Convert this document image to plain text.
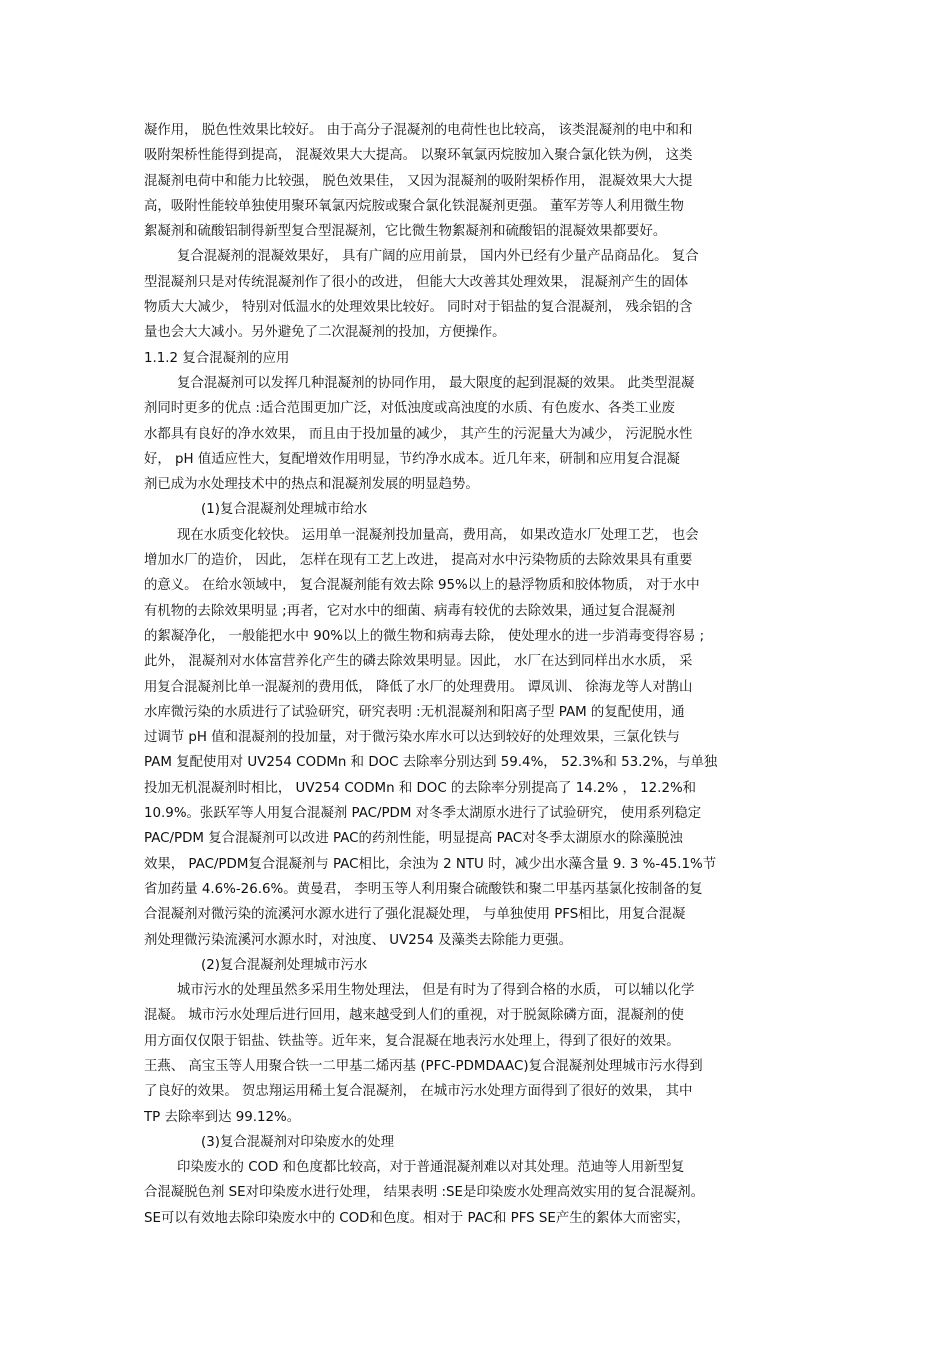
凝作用， 脱色性效果比较好。 由于高分子混凝剂的电荷性也比较高， 该类混凝剂的电中和和
吸附架桥性能得到提高， 混凝效果大大提高。 以聚环氧氯丙烷胺加入聚合氯化铁为例， 这类
混凝剂电荷中和能力比较强， 脱色效果佳， 又因为混凝剂的吸附架桥作用， 混凝效果大大提
高，吸附性能较单独使用聚环氧氯丙烷胺或聚合氯化铁混凝剂更强。 董军芳等人利用微生物
絮凝剂和硫酸铝制得新型复合型混凝剂，它比微生物絮凝剂和硫酸铝的混凝效果都要好。
复合混凝剂的混凝效果好， 具有广阔的应用前景， 国内外已经有少量产品商品化。 复合
型混凝剂只是对传统混凝剂作了很小的改进， 但能大大改善其处理效果， 混凝剂产生的固体
物质大大减少， 特别对低温水的处理效果比较好。 同时对于铝盐的复合混凝剂， 残余铝的含
量也会大大减小。另外避免了二次混凝剂的投加，方便操作。
1.1.2 复合混凝剂的应用
复合混凝剂可以发挥几种混凝剂的协同作用， 最大限度的起到混凝的效果。 此类型混凝
剂同时更多的优点 :适合范围更加广泛，对低浊度或高浊度的水质、有色废水、各类工业废
水都具有良好的净水效果， 而且由于投加量的减少， 其产生的污泥量大为减少， 污泥脱水性
好， pH 值适应性大，复配增效作用明显，节约净水成本。近几年来，研制和应用复合混凝
剂已成为水处理技术中的热点和混凝剂发展的明显趋势。
(1)复合混凝剂处理城市给水
现在水质变化较快。 运用单一混凝剂投加量高，费用高， 如果改造水厂处理工艺， 也会
增加水厂的造价， 因此， 怎样在现有工艺上改进， 提高对水中污染物质的去除效果具有重要
的意义。 在给水领域中， 复合混凝剂能有效去除 95%以上的悬浮物质和胶体物质， 对于水中
有机物的去除效果明显 ;再者，它对水中的细菌、病毒有较优的去除效果，通过复合混凝剂
的絮凝净化， 一般能把水中 90%以上的微生物和病毒去除， 使处理水的进一步消毒变得容易 ;
此外， 混凝剂对水体富营养化产生的磷去除效果明显。因此， 水厂在达到同样出水水质， 采
用复合混凝剂比单一混凝剂的费用低， 降低了水厂的处理费用。 谭凤训、 徐海龙等人对鹊山
水库微污染的水质进行了试验研究，研究表明 :无机混凝剂和阳离子型 PAM 的复配使用，通
过调节 pH 值和混凝剂的投加量，对于微污染水库水可以达到较好的处理效果，三氯化铁与
PAM 复配使用对 UV254 CODMn 和 DOC 去除率分别达到 59.4%， 52.3%和 53.2%，与单独
投加无机混凝剂时相比， UV254 CODMn 和 DOC 的去除率分别提高了 14.2% ， 12.2%和
10.9%。张跃军等人用复合混凝剂 PAC/PDM 对冬季太湖原水进行了试验研究， 使用系列稳定
PAC/PDM 复合混凝剂可以改进 PAC的药剂性能，明显提高 PAC对冬季太湖原水的除藻脱浊
效果， PAC/PDM复合混凝剂与 PAC相比，余浊为 2 NTU 时，减少出水藻含量 9. 3 %-45.1%节
省加药量 4.6%-26.6%。黄曼君， 李明玉等人利用聚合硫酸铁和聚二甲基丙基氯化按制备的复
合混凝剂对微污染的流溪河水源水进行了强化混凝处理， 与单独使用 PFS相比，用复合混凝
剂处理微污染流溪河水源水时，对浊度、 UV254 及藻类去除能力更强。
(2)复合混凝剂处理城市污水
城市污水的处理虽然多采用生物处理法， 但是有时为了得到合格的水质， 可以辅以化学
混凝。 城市污水处理后进行回用，越来越受到人们的重视，对于脱氮除磷方面，混凝剂的使
用方面仅仅限于铝盐、铁盐等。近年来，复合混凝在地表污水处理上，得到了很好的效果。
王燕、 高宝玉等人用聚合铁一二甲基二烯丙基 (PFC-PDMDAAC)复合混凝剂处理城市污水得到
了良好的效果。 贺忠翔运用稀土复合混凝剂， 在城市污水处理方面得到了很好的效果， 其中
TP 去除率到达 99.12%。
(3)复合混凝剂对印染废水的处理
印染废水的 COD 和色度都比较高，对于普通混凝剂难以对其处理。范迪等人用新型复
合混凝脱色剂 SE对印染废水进行处理， 结果表明 :SE是印染废水处理高效实用的复合混凝剂。
SE可以有效地去除印染废水中的 COD和色度。相对于 PAC和 PFS SE产生的絮体大而密实，
